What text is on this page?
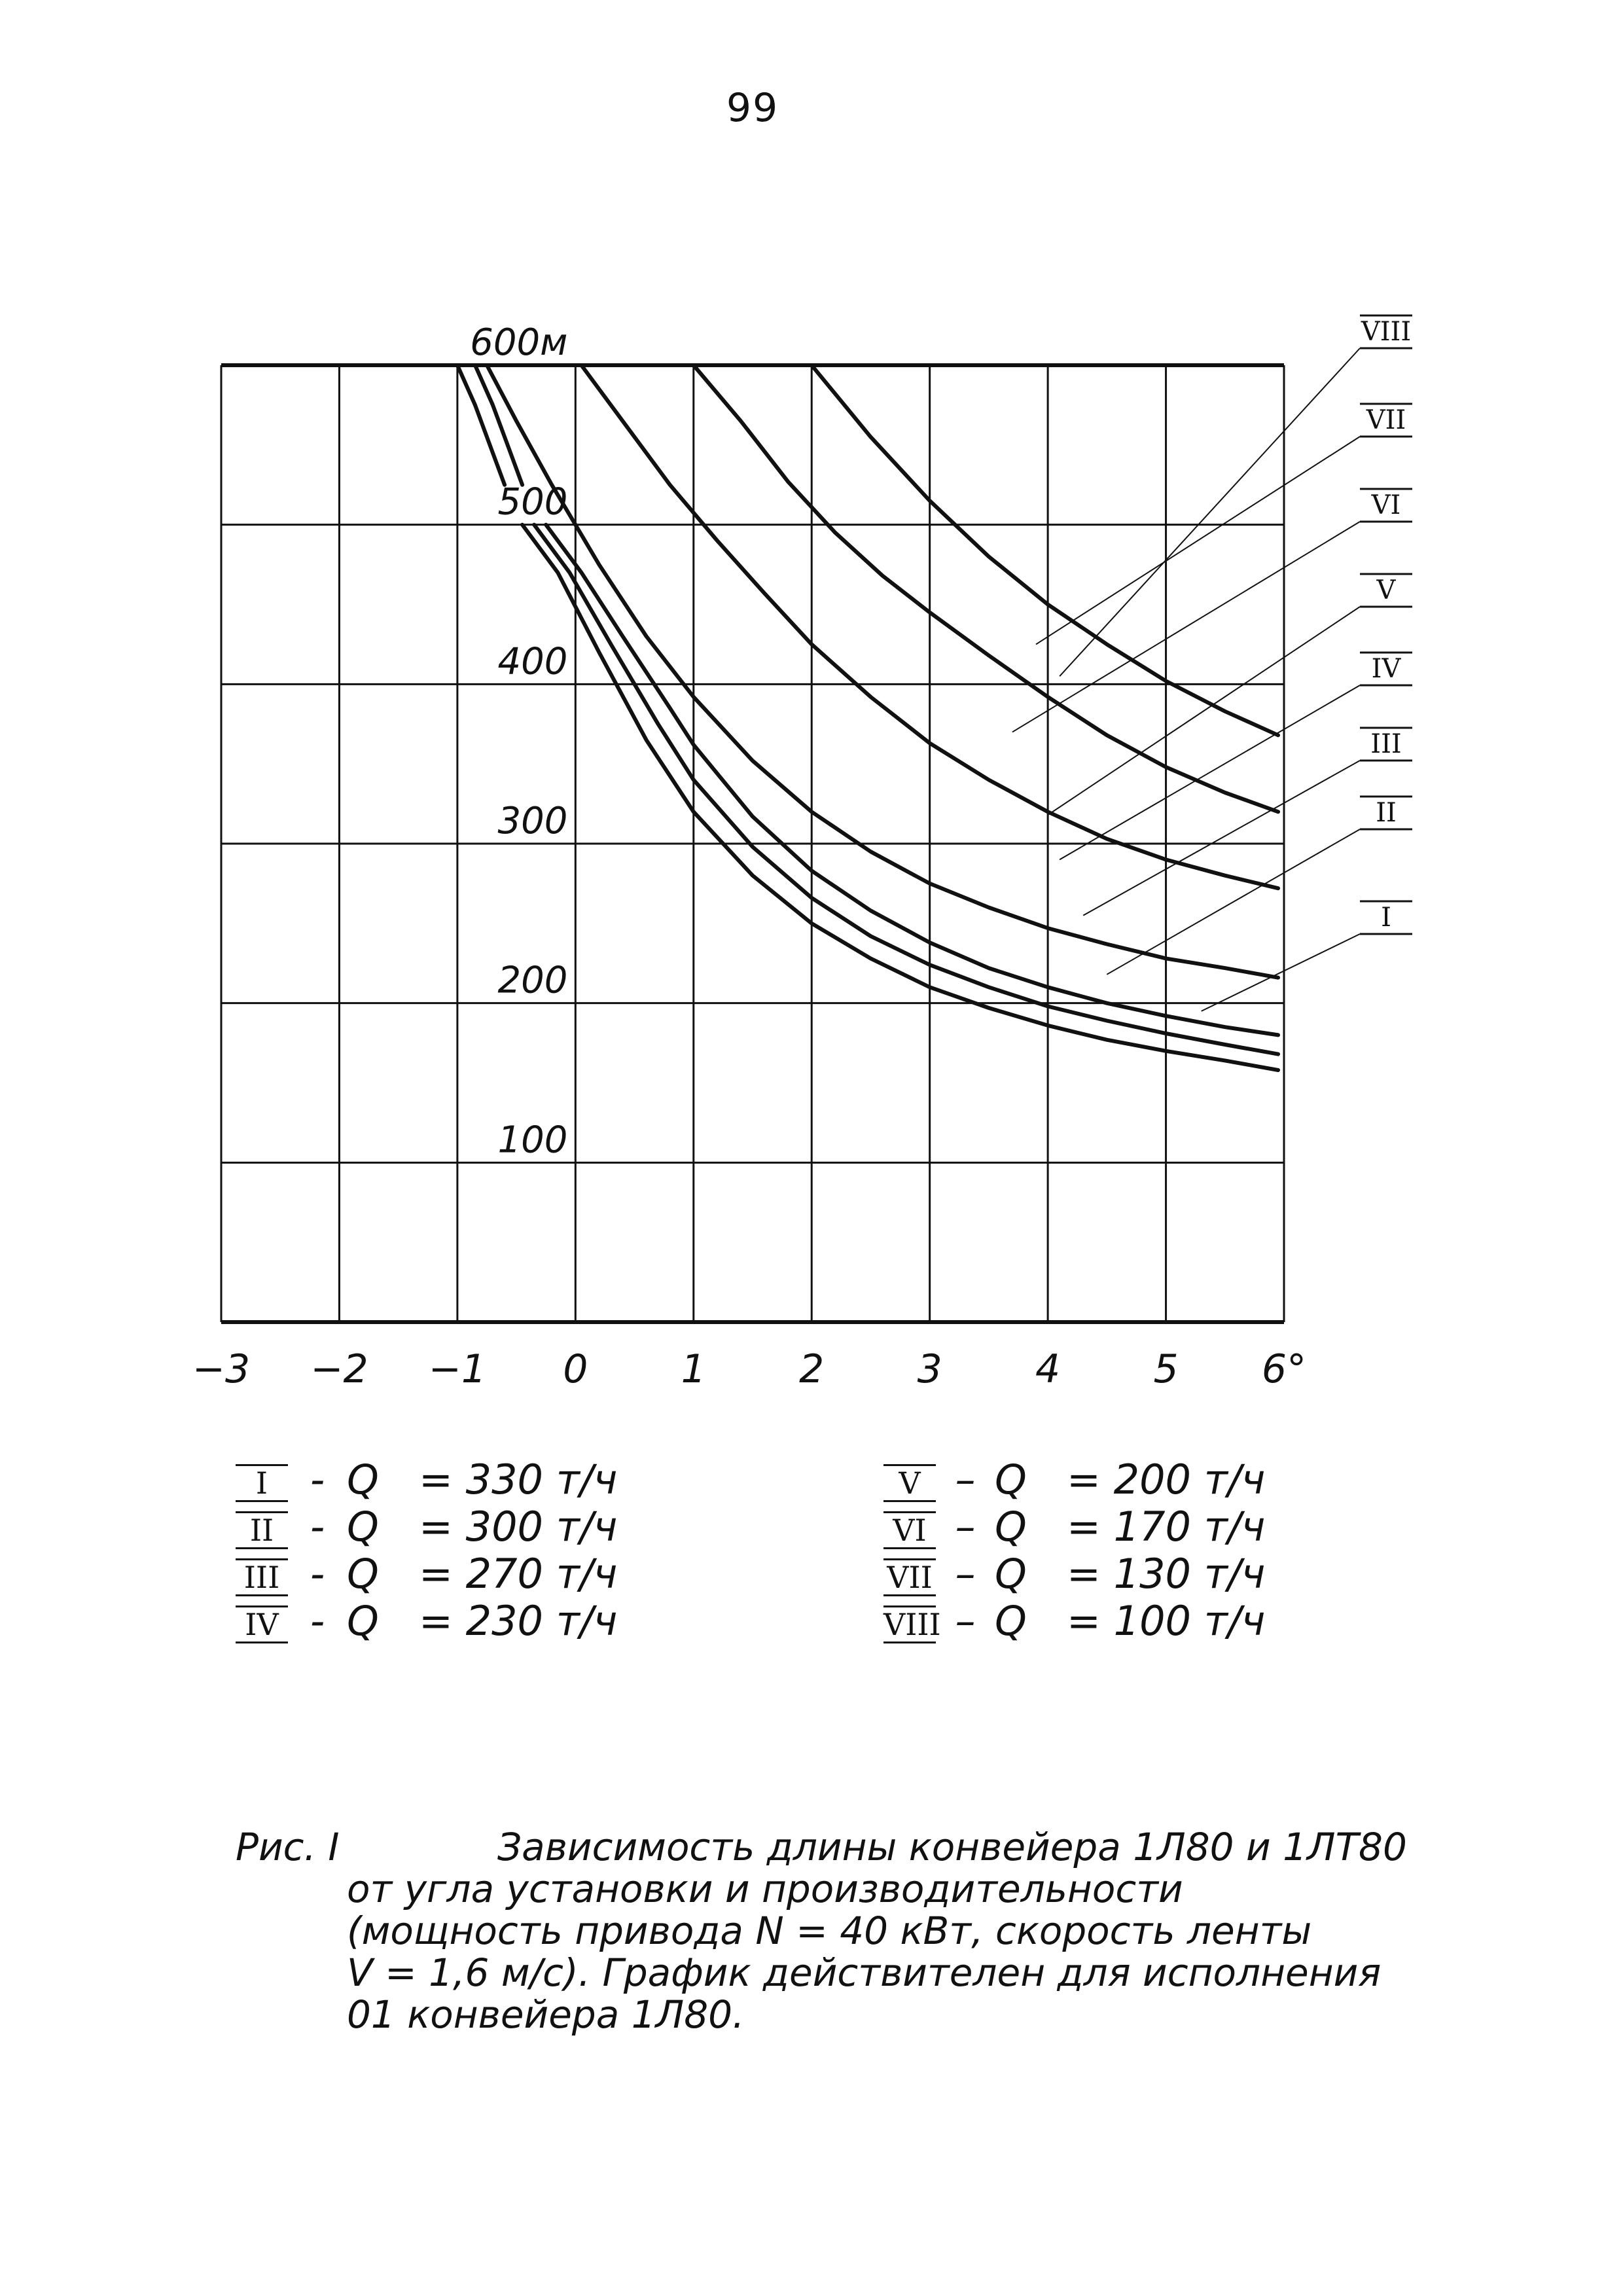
99
VIII
VII
VI
V
IV
III
II
I
100
200
300
400
500
600м
−3 −2 −1 0 1 2 3 4 5 6°
I	- Q = 330 т/ч
II - Q = 300 т/ч
III - Q = 270 т/ч
IV - Q = 230 т/ч
V – Q = 200 т/ч
VI – Q = 170 т/ч
VII – Q = 130 т/ч
VIII – Q = 100 т/ч
Рис. I	Зависимость длины конвейера 1Л80 и 1ЛТ80
от угла установки и производительности
(мощность привода N = 40 кВт, скорость ленты
V = 1,6 м/с). График действителен для исполнения
01 конвейера 1Л80.
